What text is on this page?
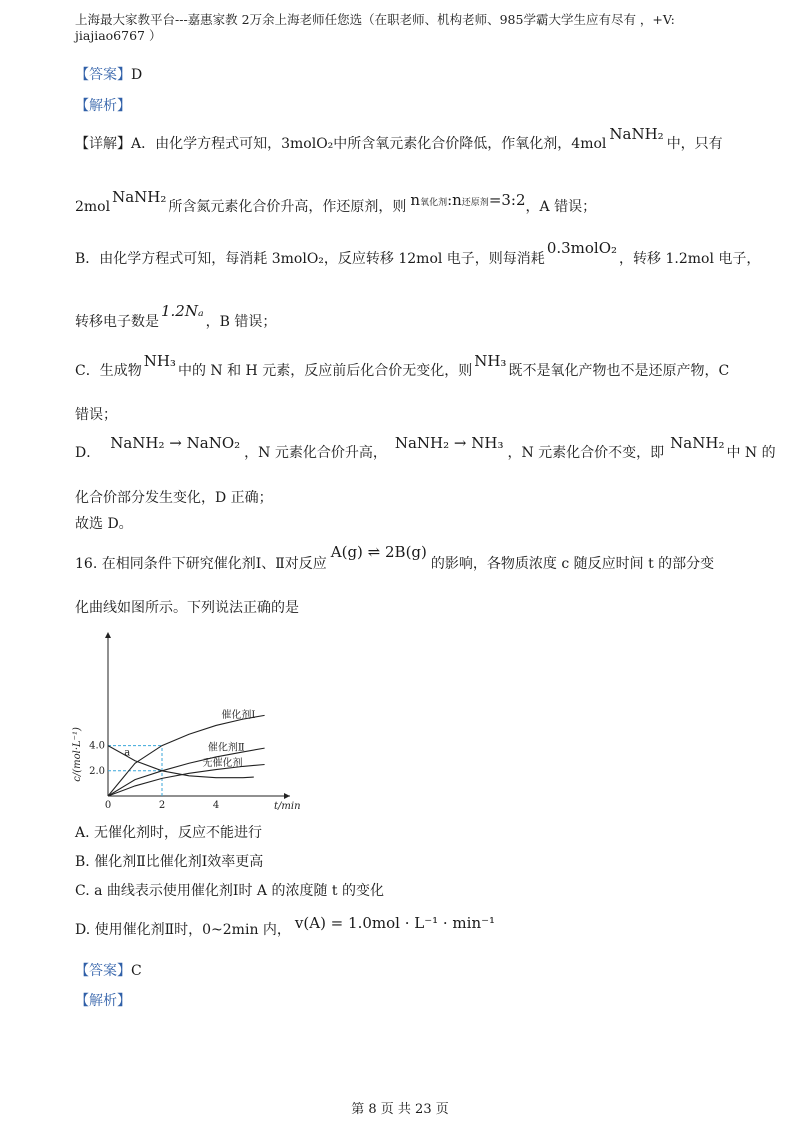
上海最大家教平台---嘉惠家教 2万余上海老师任您选（在职老师、机构老师、985学霸大学生应有尽有 ，+V:
jiajiao6767 ）
【答案】D
【解析】
【详解】A．由化学方程式可知，3molO₂中所含氧元素化合价降低，作氧化剂，4molNaNH₂中，只有
2molNaNH₂所含氮元素化合价升高，作还原剂，则 n氧化剂:n还原剂=3:2，A 错误；
B．由化学方程式可知，每消耗 3molO₂，反应转移 12mol 电子，则每消耗0.3molO₂，转移 1.2mol 电子，
转移电子数是1.2Nₐ，B 错误；
C．生成物NH₃中的 N 和 H 元素，反应前后化合价无变化，则NH₃既不是氧化产物也不是还原产物，C
错误；
D．NaNH₂ → NaNO₂，N 元素化合价升高，NaNH₂ → NH₃，N 元素化合价不变，即NaNH₂中 N 的
化合价部分发生变化，D 正确；
故选 D。
16. 在相同条件下研究催化剂Ⅰ、Ⅱ对反应A(g) ⇌ 2B(g)的影响，各物质浓度 c 随反应时间 t 的部分变
化曲线如图所示。下列说法正确的是
催化剂Ⅰ
催化剂Ⅱ
无催化剂
a
0	2	4
2.0
4.0
t/min
c/(mol·L⁻¹)
A. 无催化剂时，反应不能进行
B. 催化剂Ⅱ比催化剂Ⅰ效率更高
C. a 曲线表示使用催化剂Ⅰ时 A 的浓度随 t 的变化
D. 使用催化剂Ⅱ时，0~2min 内， v(A) = 1.0mol · L⁻¹ · min⁻¹
【答案】C
【解析】
第 8 页 共 23 页
